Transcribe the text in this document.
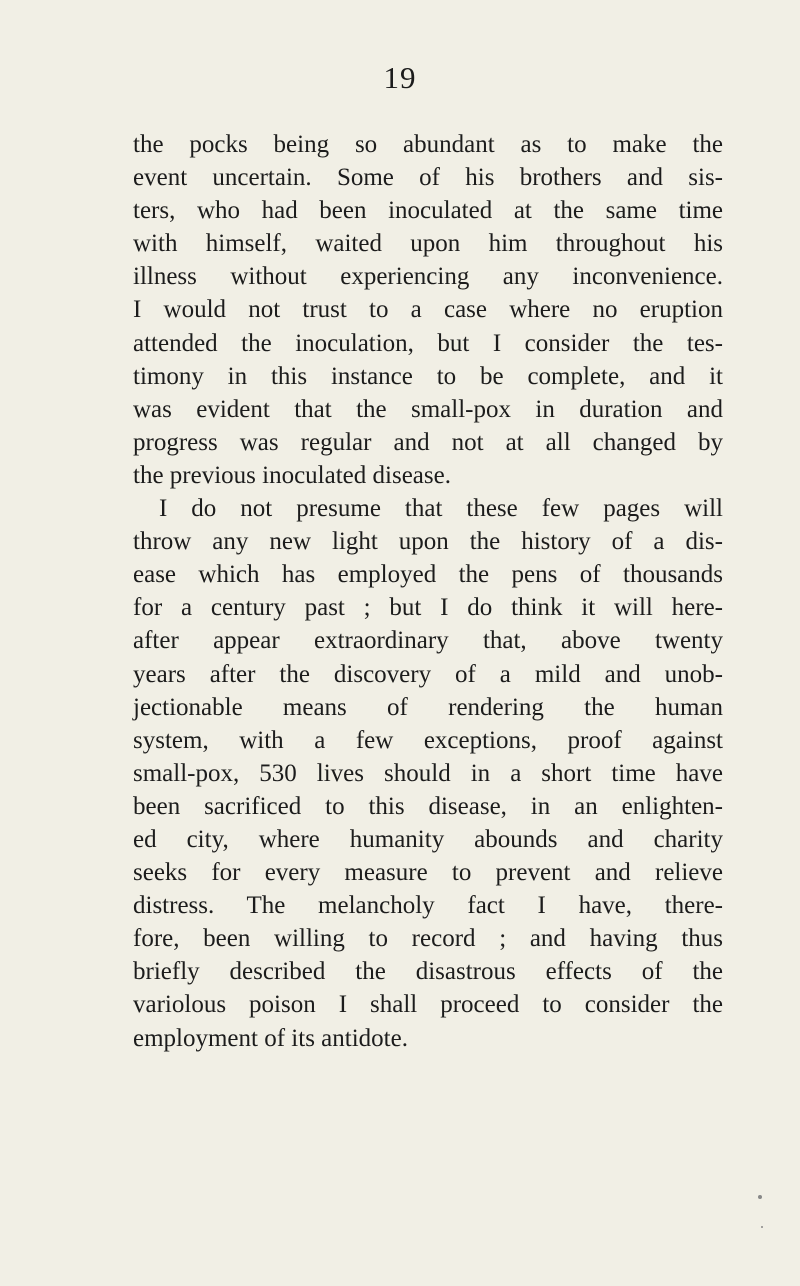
19
the pocks being so abundant as to make the
event uncertain. Some of his brothers and sis-
ters, who had been inoculated at the same time
with himself, waited upon him throughout his
illness without experiencing any inconvenience.
I would not trust to a case where no eruption
attended the inoculation, but I consider the tes-
timony in this instance to be complete, and it
was evident that the small-pox in duration and
progress was regular and not at all changed by
the previous inoculated disease.
I do not presume that these few pages will
throw any new light upon the history of a dis-
ease which has employed the pens of thousands
for a century past ; but I do think it will here-
after appear extraordinary that, above twenty
years after the discovery of a mild and unob-
jectionable means of rendering the human
system, with a few exceptions, proof against
small-pox, 530 lives should in a short time have
been sacrificed to this disease, in an enlighten-
ed city, where humanity abounds and charity
seeks for every measure to prevent and relieve
distress. The melancholy fact I have, there-
fore, been willing to record ; and having thus
briefly described the disastrous effects of the
variolous poison I shall proceed to consider the
employment of its antidote.
